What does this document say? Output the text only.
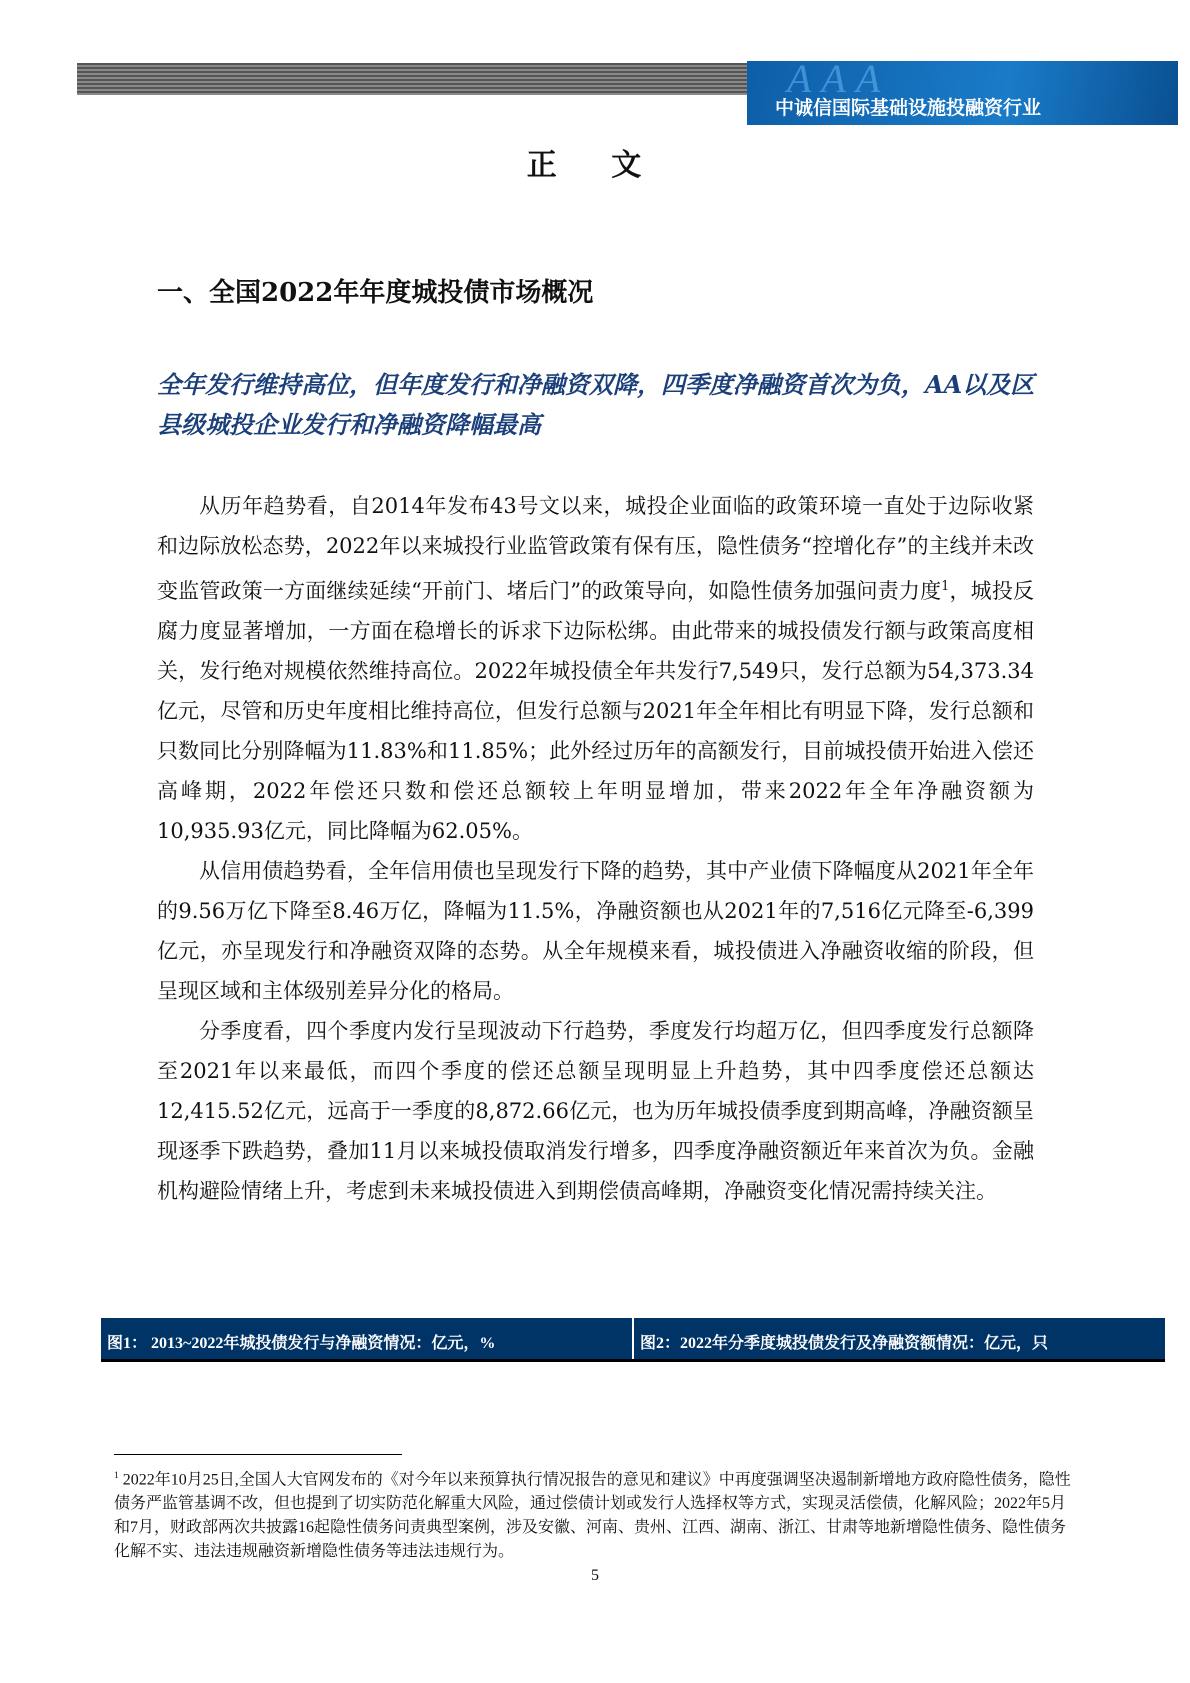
AAA
中诚信国际基础设施投融资行业
正 文
一、全国2022年年度城投债市场概况
全年发行维持高位，但年度发行和净融资双降，四季度净融资首次为负，AA以及区县级城投企业发行和净融资降幅最高

从历年趋势看，自2014年发布43号文以来，城投企业面临的政策环境一直处于边际收紧和边际放松态势，2022年以来城投行业监管政策有保有压，隐性债务“控增化存”的主线并未改变监管政策一方面继续延续“开前门、堵后门”的政策导向，如隐性债务加强问责力度$^1$，城投反腐力度显著增加，一方面在稳增长的诉求下边际松绑。由此带来的城投债发行额与政策高度相关，发行绝对规模依然维持高位。2022年城投债全年共发行7,549只，发行总额为54,373.34亿元，尽管和历史年度相比维持高位，但发行总额与2021年全年相比有明显下降，发行总额和只数同比分别降幅为11.83%和11.85%；此外经过历年的高额发行，目前城投债开始进入偿还高峰期，2022年偿还只数和偿还总额较上年明显增加，带来2022年全年净融资额为10,935.93亿元，同比降幅为62.05%。

从信用债趋势看，全年信用债也呈现发行下降的趋势，其中产业债下降幅度从2021年全年的9.56万亿下降至8.46万亿，降幅为11.5%，净融资额也从2021年的7,516亿元降至-6,399亿元，亦呈现发行和净融资双降的态势。从全年规模来看，城投债进入净融资收缩的阶段，但呈现区域和主体级别差异分化的格局。

分季度看，四个季度内发行呈现波动下行趋势，季度发行均超万亿，但四季度发行总额降至2021年以来最低，而四个季度的偿还总额呈现明显上升趋势，其中四季度偿还总额达12,415.52亿元，远高于一季度的8,872.66亿元，也为历年城投债季度到期高峰，净融资额呈现逐季下跌趋势，叠加11月以来城投债取消发行增多，四季度净融资额近年来首次为负。金融机构避险情绪上升，考虑到未来城投债进入到期偿债高峰期，净融资变化情况需持续关注。

图1： 2013~2022年城投债发行与净融资情况：亿元，%	图2：2022年分季度城投债发行及净融资额情况：亿元，只
$^1$ 2022年10月25日,全国人大官网发布的《对今年以来预算执行情况报告的意见和建议》中再度强调坚决遏制新增地方政府隐性债务，隐性债务严监管基调不改，但也提到了切实防范化解重大风险，通过偿债计划或发行人选择权等方式，实现灵活偿债，化解风险；2022年5月和7月，财政部两次共披露16起隐性债务问责典型案例，涉及安徽、河南、贵州、江西、湖南、浙江、甘肃等地新增隐性债务、隐性债务化解不实、违法违规融资新增隐性债务等违法违规行为。
5
